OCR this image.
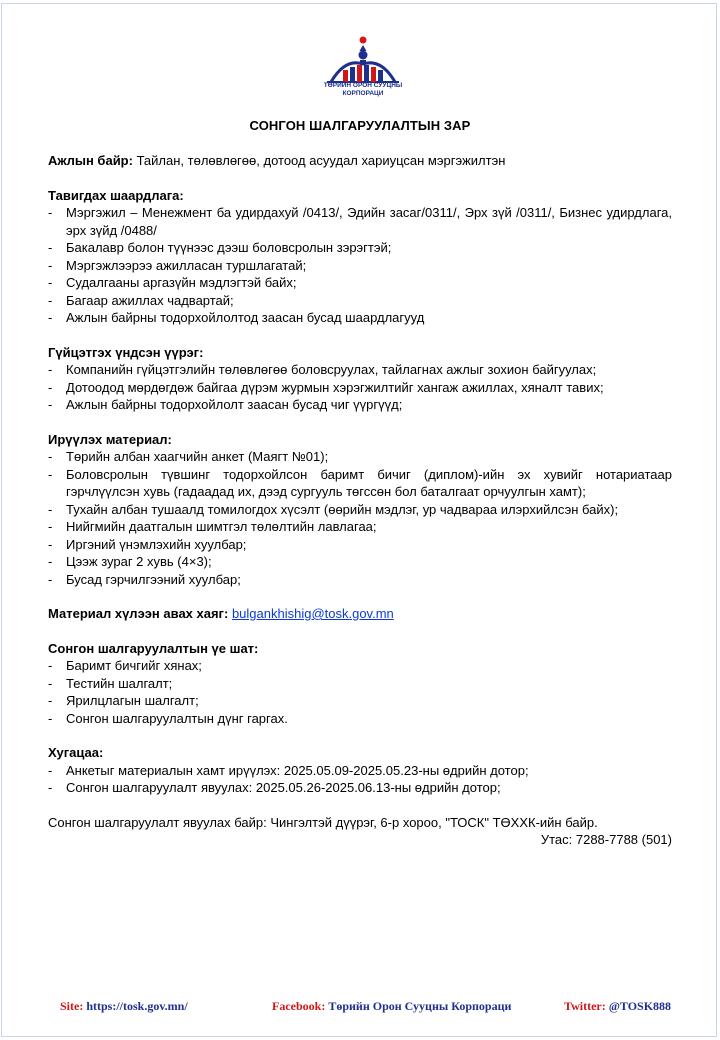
ТӨРИЙН ОРОН СУУЦНЫ
КОРПОРАЦИ
СОНГОН ШАЛГАРУУЛАЛТЫН ЗАР

Ажлын байр: Тайлан, төлөвлөгөө, дотоод асуудал хариуцсан мэргэжилтэн

Тавигдах шаардлага:
- Мэргэжил – Менежмент ба удирдахуй /0413/, Эдийн засаг/0311/, Эрх зүй /0311/, Бизнес удирдлага, эрх зүйд /0488/
- Бакалавр болон түүнээс дээш боловсролын зэрэгтэй;
- Мэргэжлээрээ ажилласан туршлагатай;
- Судалгааны аргазүйн мэдлэгтэй байх;
- Багаар ажиллах чадвартай;
- Ажлын байрны тодорхойлолтод заасан бусад шаардлагууд
Гүйцэтгэх үндсэн үүрэг:
- Компанийн гүйцэтгэлийн төлөвлөгөө боловсруулах, тайлагнах ажлыг зохион байгуулах;
- Дотоодод мөрдөгдөж байгаа дүрэм журмын хэрэгжилтийг хангаж ажиллах, хяналт тавих;
- Ажлын байрны тодорхойлолт заасан бусад чиг үүргүүд;
Ирүүлэх материал:
- Төрийн албан хаагчийн анкет (Маягт №01);
- Боловсролын түвшинг тодорхойлсон баримт бичиг (диплом)-ийн эх хувийг нотариатаар гэрчлүүлсэн хувь (гадаадад их, дээд сургууль төгссөн бол баталгаат орчуулгын хамт);
- Тухайн албан тушаалд томилогдох хүсэлт (өөрийн мэдлэг, ур чадвараа илэрхийлсэн байх);
- Нийгмийн даатгалын шимтгэл төлөлтийн лавлагаа;
- Иргэний үнэмлэхийн хуулбар;
- Цээж зураг 2 хувь (4×3);
- Бусад гэрчилгээний хуулбар;

Материал хүлээн авах хаяг: bulgankhishig@tosk.gov.mn

Сонгон шалгаруулалтын үе шат:
- Баримт бичгийг хянах;
- Тестийн шалгалт;
- Ярилцлагын шалгалт;
- Сонгон шалгаруулалтын дүнг гаргах.
Хугацаа:
- Анкетыг материалын хамт ирүүлэх: 2025.05.09-2025.05.23-ны өдрийн дотор;
- Сонгон шалгаруулалт явуулах: 2025.05.26-2025.06.13-ны өдрийн дотор;

Сонгон шалгаруулалт явуулах байр: Чингэлтэй дүүрэг, 6-р хороо, "ТОСК" ТӨХХК-ийн байр.

Утас: 7288-7788 (501)

Site: https://tosk.gov.mn/	Facebook: Төрийн Орон Сууцны Корпораци	Twitter: @TOSK888
